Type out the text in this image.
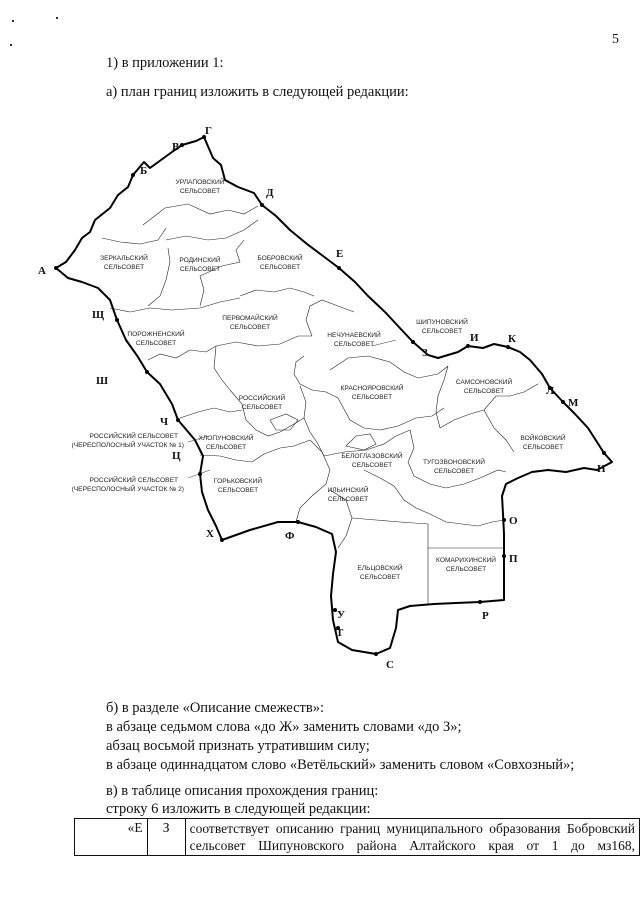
5
1) в приложении 1:
а) план границ изложить в следующей редакции:
А
Б
В
Г
Д
Е
З
И	К
Л
М
Н
О
П
Р
С
Т
У
Ф
Х
Ц
Ч
Ш
Щ
УРЛАПОВСКИЙ
СЕЛЬСОВЕТ
ЗЕРКАЛЬСКИЙ
СЕЛЬСОВЕТ
РОДИНСКИЙ
СЕЛЬСОВЕТ
БОБРОВСКИЙ
СЕЛЬСОВЕТ
ПОРОЖНЕНСКИЙ
СЕЛЬСОВЕТ
ПЕРВОМАЙСКИЙ
СЕЛЬСОВЕТ
ШИПУНОВСКИЙ
СЕЛЬСОВЕТ
НЕЧУНАЕВСКИЙ
СЕЛЬСОВЕТ
КРАСНОЯРОВСКИЙ
СЕЛЬСОВЕТ
САМСОНОВСКИЙ
СЕЛЬСОВЕТ
РОССИЙСКИЙ
СЕЛЬСОВЕТ
ХЛОПУНОВСКИЙ
СЕЛЬСОВЕТ
ВОЙКОВСКИЙ
СЕЛЬСОВЕТ
БЕЛОГЛАЗОВСКИЙ
СЕЛЬСОВЕТ	ТУГОЗВОНОВСКИЙ
СЕЛЬСОВЕТ
ГОРЬКОВСКИЙ
СЕЛЬСОВЕТ	ИЛЬИНСКИЙ
СЕЛЬСОВЕТ
КОМАРИХИНСКИЙ
СЕЛЬСОВЕТ
ЕЛЬЦОВСКИЙ
СЕЛЬСОВЕТ
РОССИЙСКИЙ СЕЛЬСОВЕТ
(ЧЕРЕСПОЛОСНЫЙ УЧАСТОК № 1)
РОССИЙСКИЙ СЕЛЬСОВЕТ
(ЧЕРЕСПОЛОСНЫЙ УЧАСТОК № 2)
б) в разделе «Описание смежеств»:
в абзаце седьмом слова «до Ж» заменить словами «до З»;
абзац восьмой признать утратившим силу;
в абзаце одиннадцатом слово «Ветёльский» заменить словом «Совхозный»;
в) в таблице описания прохождения границ:
строку 6 изложить в следующей редакции:
«Е	З	соответствует описанию границ муниципального образования Бобровский сельсовет Шипуновского района Алтайского края от 1 до мз168,
